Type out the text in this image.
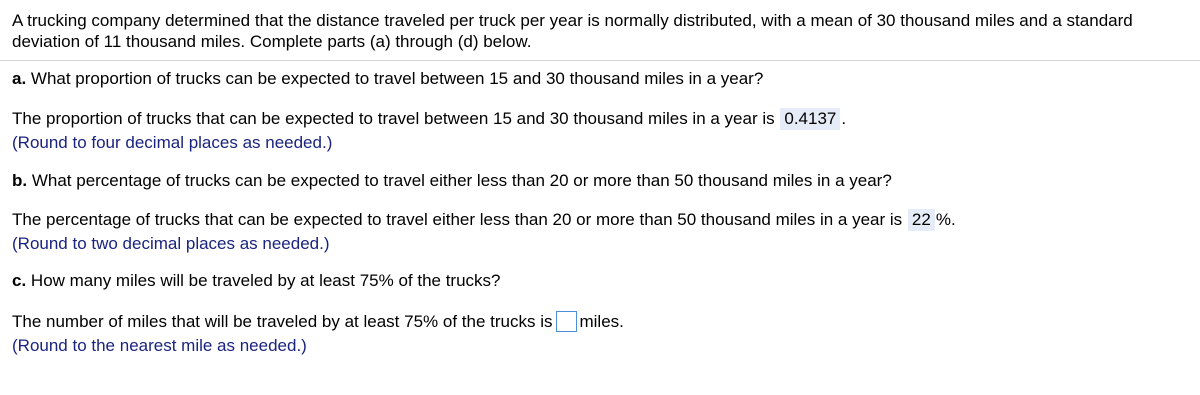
A trucking company determined that the distance traveled per truck per year is normally distributed, with a mean of 30 thousand miles and a standard deviation of 11 thousand miles. Complete parts (a) through (d) below.
a. What proportion of trucks can be expected to travel between 15 and 30 thousand miles in a year?
The proportion of trucks that can be expected to travel between 15 and 30 thousand miles in a year is 0.4137 .
(Round to four decimal places as needed.)
b. What percentage of trucks can be expected to travel either less than 20 or more than 50 thousand miles in a year?
The percentage of trucks that can be expected to travel either less than 20 or more than 50 thousand miles in a year is 22 %.
(Round to two decimal places as needed.)
c. How many miles will be traveled by at least 75% of the trucks?
The number of miles that will be traveled by at least 75% of the trucks is miles.
(Round to the nearest mile as needed.)
